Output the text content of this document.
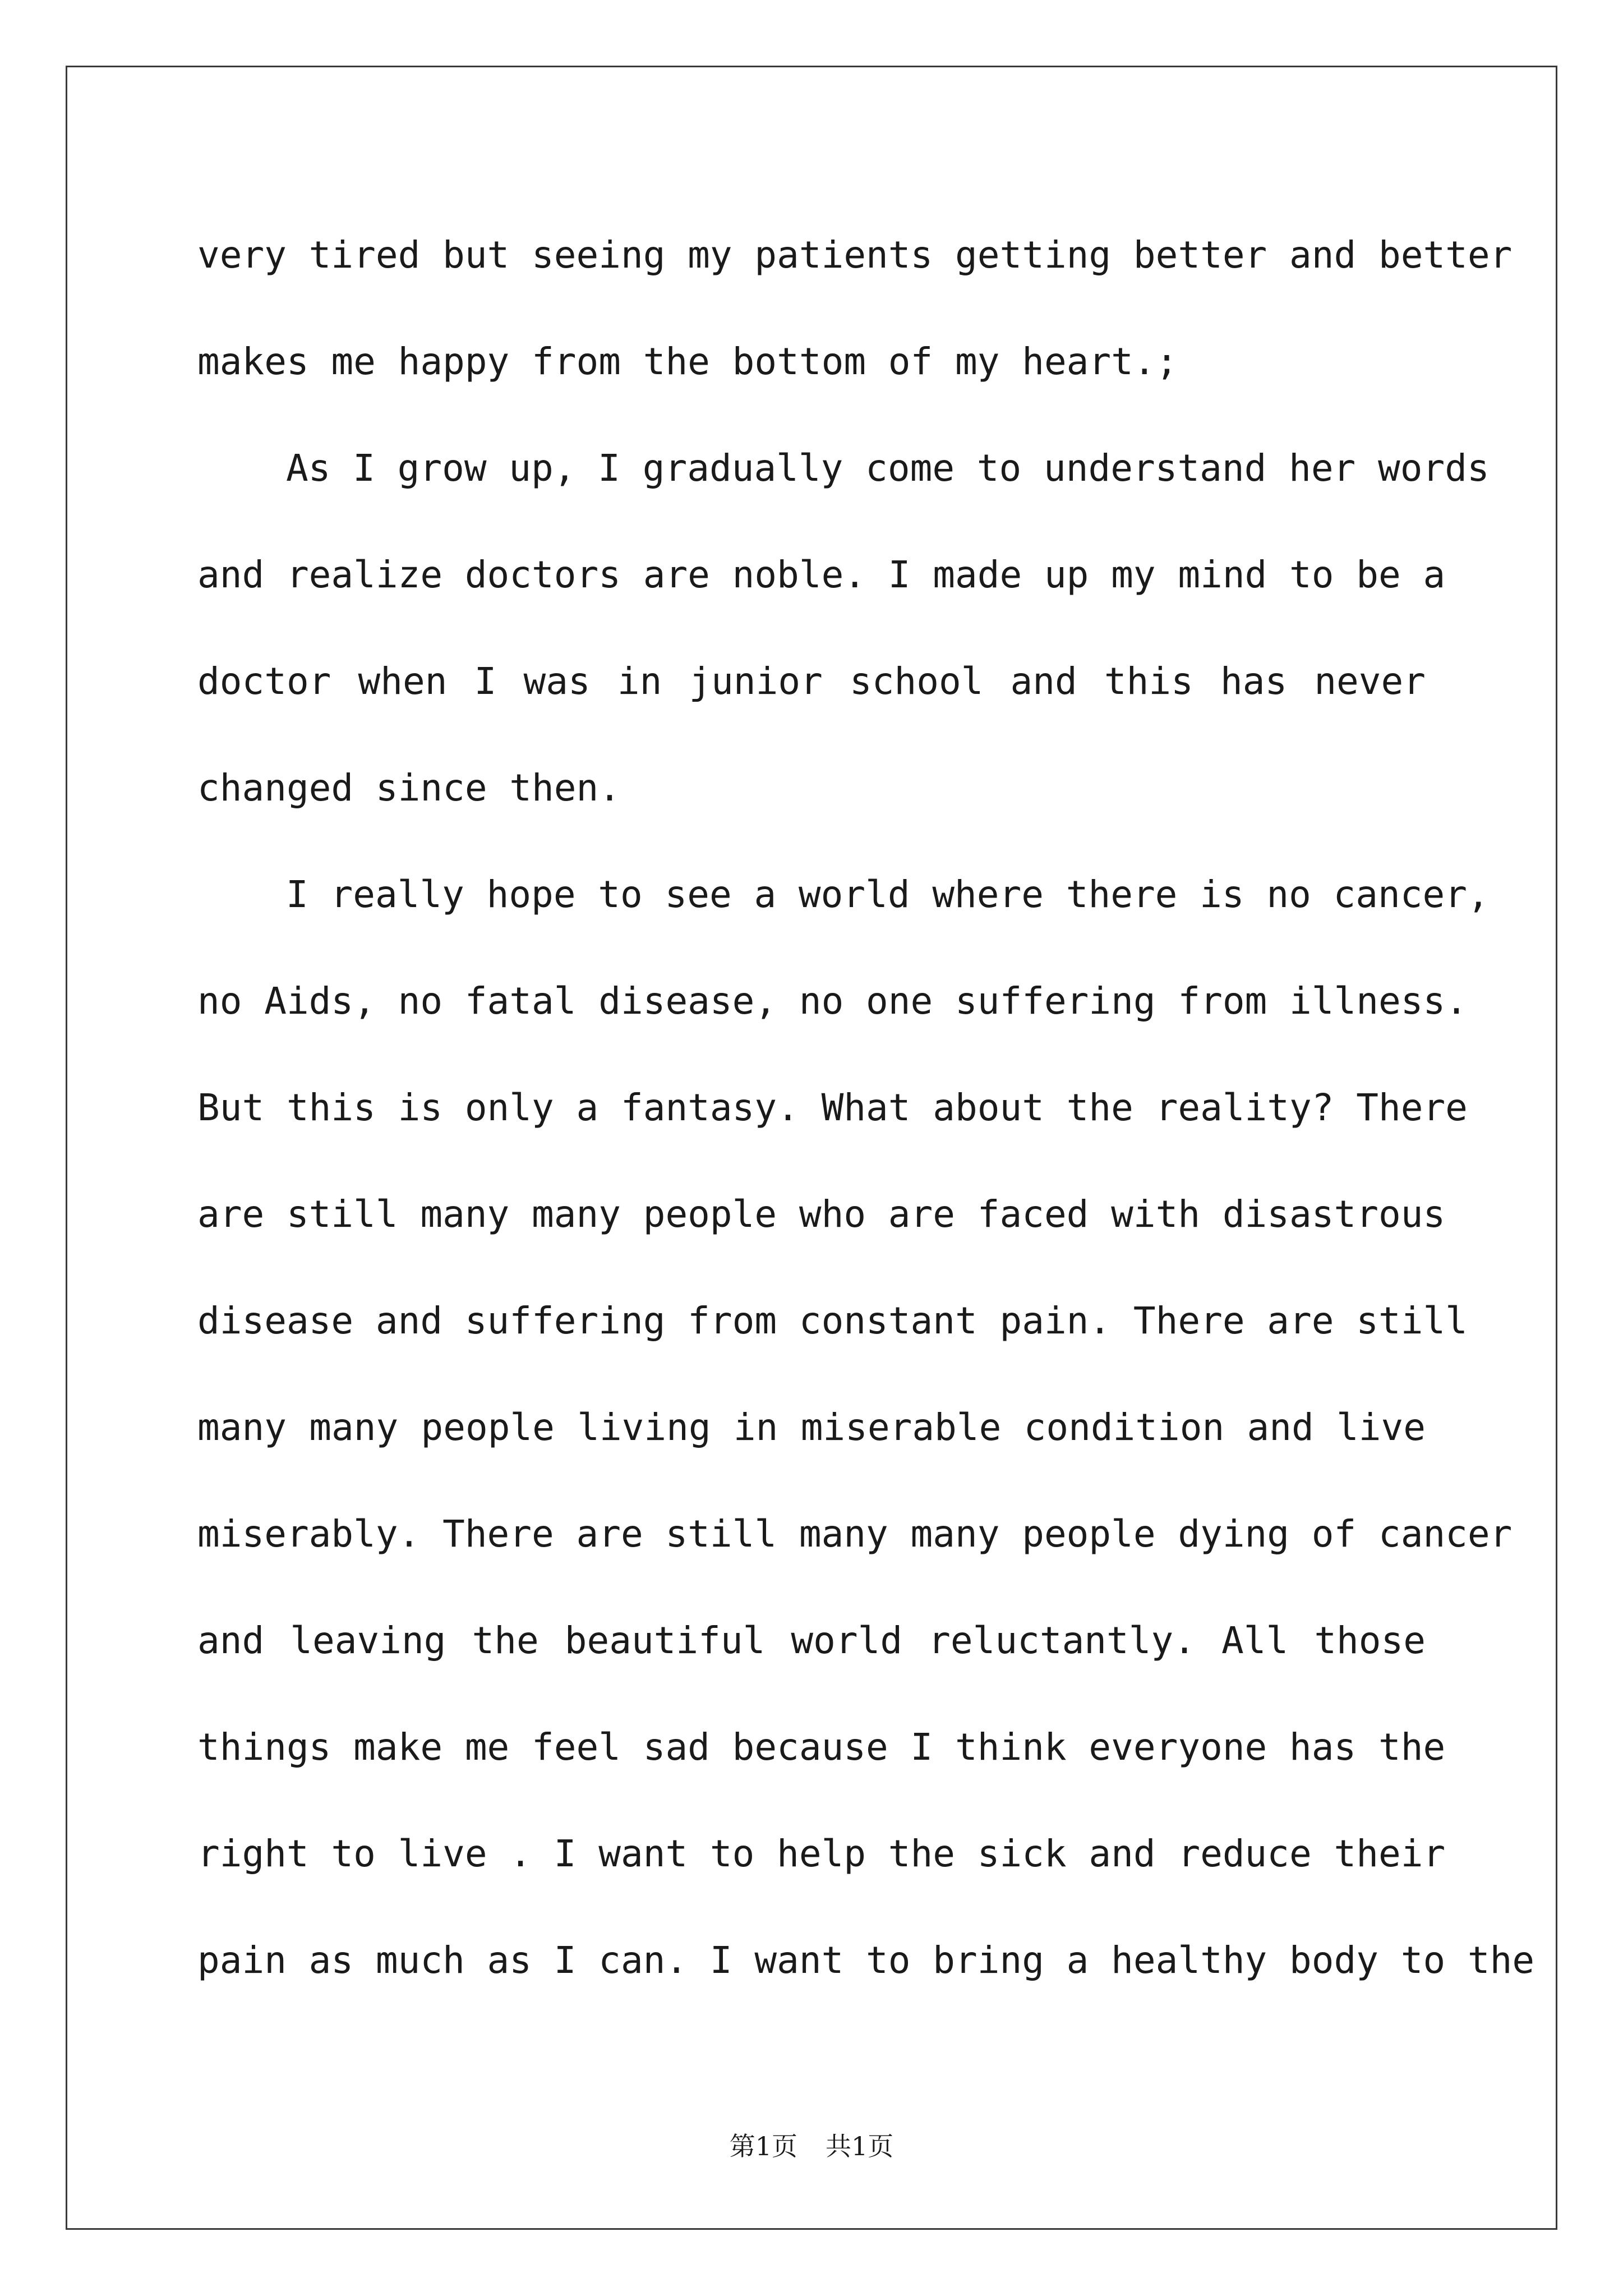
very tired but seeing my patients getting better and better
makes me happy from the bottom of my heart.;
As I grow up, I gradually come to understand her words
and realize doctors are noble. I made up my mind to be a
doctor when I was in junior school and this has never
changed since then.
I really hope to see a world where there is no cancer,
no Aids, no fatal disease, no one suffering from illness.
But this is only a fantasy. What about the reality? There
are still many many people who are faced with disastrous
disease and suffering from constant pain. There are still
many many people living in miserable condition and live
miserably. There are still many many people dying of cancer
and leaving the beautiful world reluctantly. All those
things make me feel sad because I think everyone has the
right to live . I want to help the sick and reduce their
pain as much as I can. I want to bring a healthy body to the
第1页 共1页
